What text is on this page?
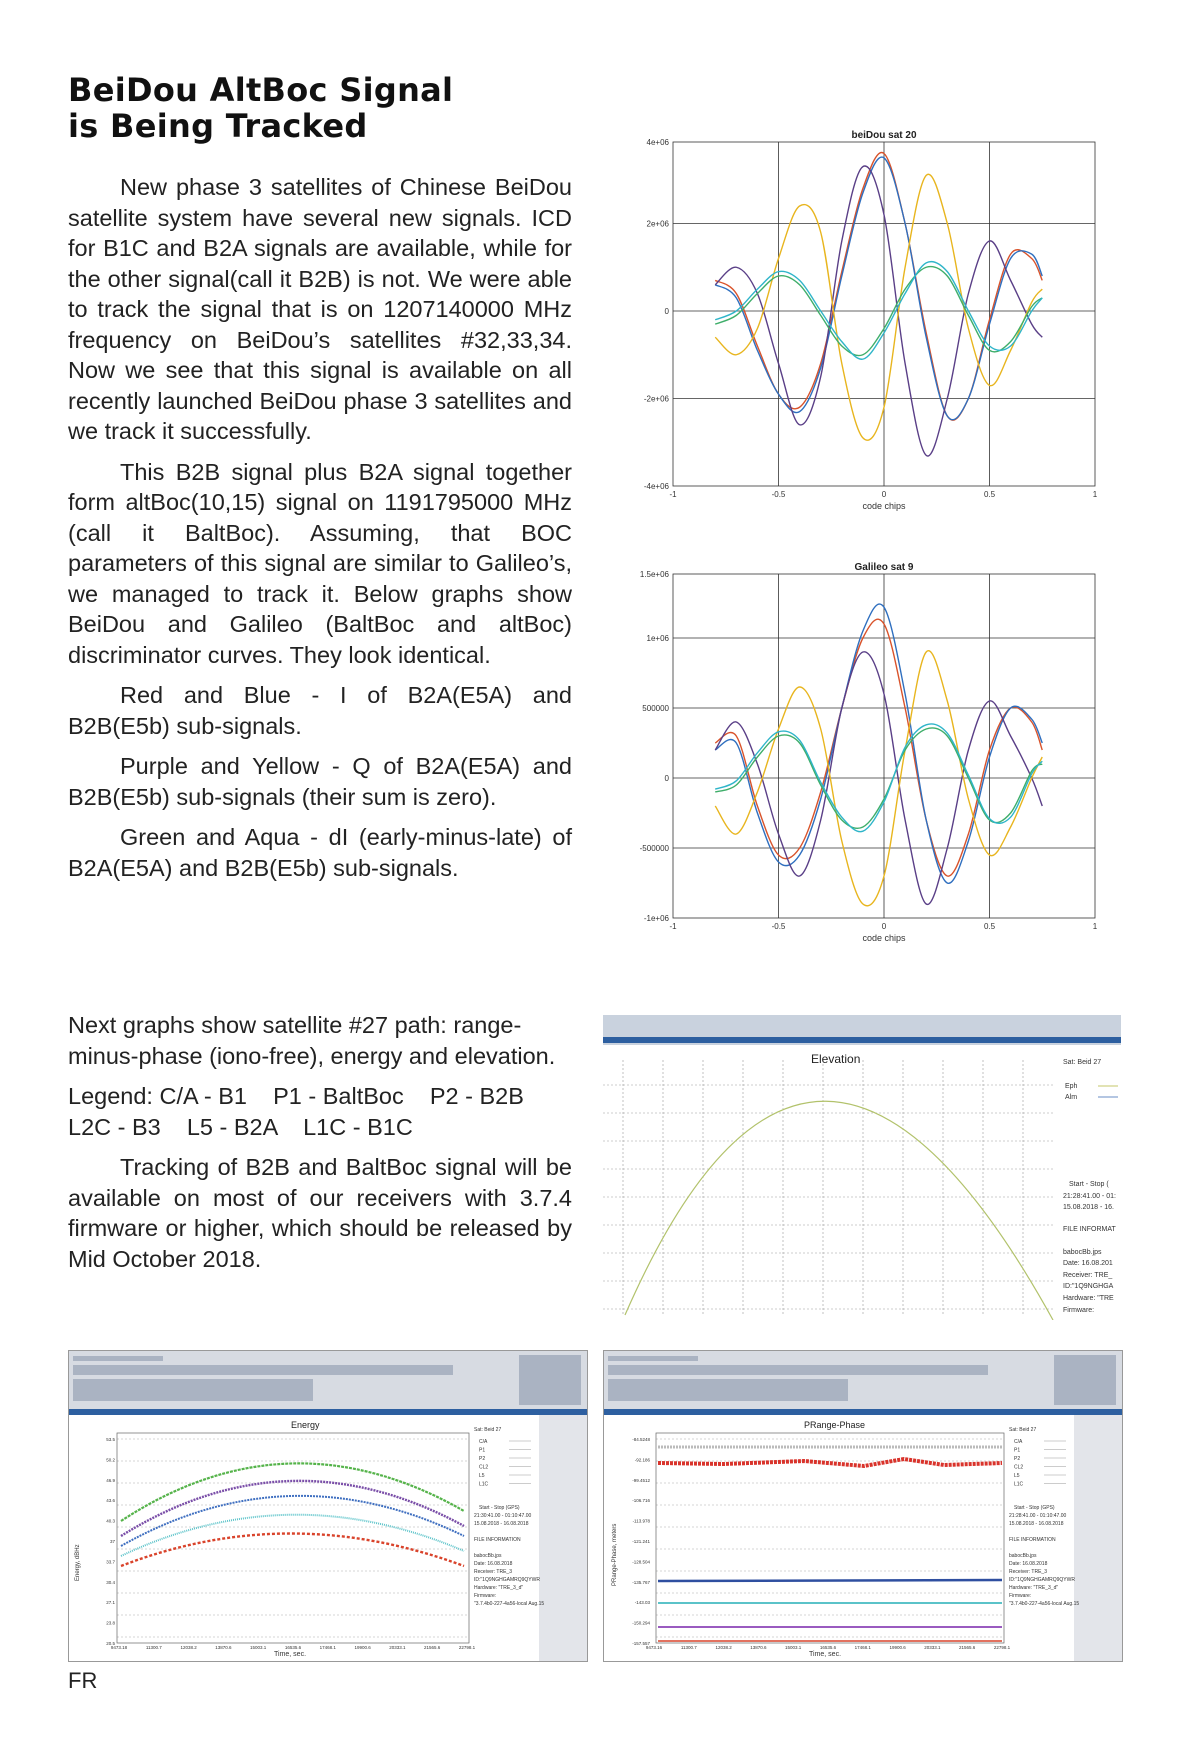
BeiDou AltBoc Signal
is Being Tracked

New phase 3 satellites of Chinese BeiDou satellite system have several new signals. ICD for B1C and B2A signals are available, while for the other signal(call it B2B) is not. We were able to track the signal that is on 1207140000 MHz frequency on BeiDou’s satellites #32,33,34. Now we see that this signal is available on all recently launched BeiDou phase 3 satellites and we track it successfully.

This B2B signal plus B2A signal together form altBoc(10,15) signal on 1191795000 MHz (call it BaltBoc). Assuming, that BOC parameters of this signal are similar to Galileo’s, we managed to track it. Below graphs show BeiDou and Galileo (BaltBoc and altBoc) discriminator curves. They look identical.

Red and Blue - I of B2A(E5A) and B2B(E5b) sub-signals.

Purple and Yellow - Q of B2A(E5A) and B2B(E5b) sub-signals (their sum is zero).

Green and Aqua - dI (early-minus-late) of B2A(E5A) and B2B(E5b) sub-signals.

Next graphs show satellite #27 path: range-minus-phase (iono-free), energy and elevation.

Legend: C/A - B1    P1 - BaltBoc    P2 - B2B
L2C - B3    L5 - B2A    L1C - B1C

Tracking of B2B and BaltBoc signal will be available on most of our receivers with 3.7.4 firmware or higher, which should be released by Mid October 2018.

beiDou sat 20
4e+06
2e+06
0
-2e+06
-4e+06
-1	-0.5	0	0.5	1
code chips
Galileo sat 9
1.5e+06
1e+06
500000
0
-500000
-1e+06
-1	-0.5	0	0.5	1
code chips
Elevation	Sat: Beid 27
Eph
Alm
Start - Stop (
21:28:41.00 - 01:
15.08.2018 - 16.
FILE INFORMAT
babocBb.jps
Date: 16.08.201
Receiver: TRE_
ID:"1Q9NGHGA
Hardware: "TRE
Firmware:
Energy
Energy, dBHz
Time, sec.
53.5
50.2
46.9
43.6
40.3
37
33.7
30.4
27.1
23.8
20.5
9473.18	11300.7	12038.2	13870.6	15003.1	16535.6	17468.1	19900.6	20333.1	21565.6	22798.1
Sat: Beid 27
C/A
P1
P2
CL2
L5
L1C
Start - Stop (GPS)
21:30:41.00 - 01:10:47.00
15.08.2018 - 16.08.2018
FILE INFORMATION
babocBb.jps
Date: 16.08.2018
Receiver: TRE_3
ID:"1Q9NGHGAMRQ9QYWR
Hardware: "TRE_3_d"
Firmware:
"3.7.4b0-227-4a56-local Aug.15
PRange-Phase
PRange-Phase, meters
Time, sec.
-84.5248
-92.186
-99.4512
-106.716
-113.978
-121.241
-128.504
-135.767
-143.03
-150.294
-157.557
9473.16	11300.7	12038.2	13870.6	15003.1	16535.6	17468.1	19900.6	20333.1	21565.6	22798.1
Sat: Beid 27
C/A
P1
P2
CL2
L5
L1C
Start - Stop (GPS)
21:28:41.00 - 01:10:47.00
15.08.2018 - 16.08.2018
FILE INFORMATION
babocBb.jps
Date: 16.08.2018
Receiver: TRE_3
ID:"1Q9NGHGAMRQ9QYWR
Hardware: "TRE_3_d"
Firmware:
"3.7.4b0-227-4a56-local Aug.15
FR
